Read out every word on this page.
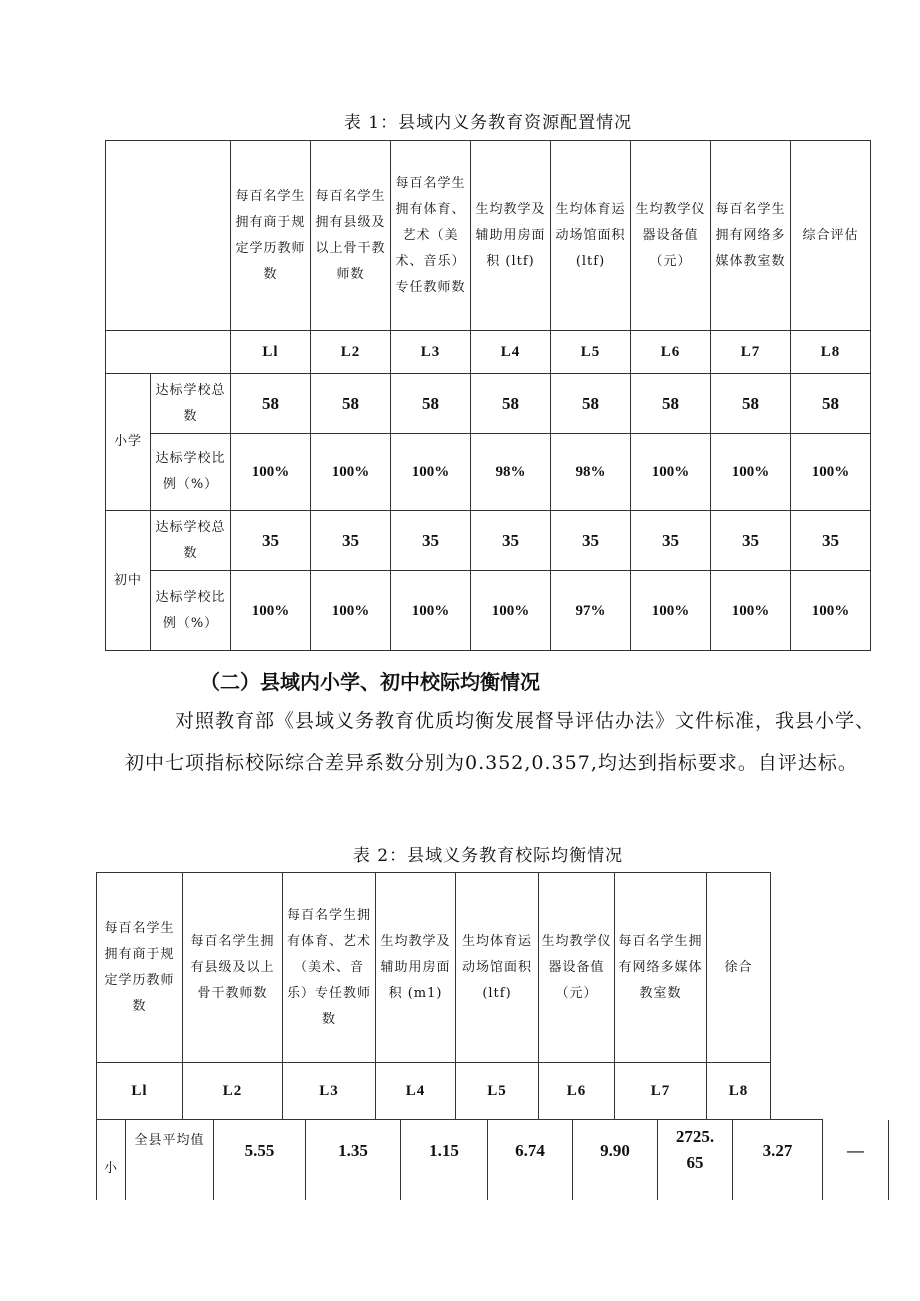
表 1：县域内义务教育资源配置情况
		每百名学生拥有商于规定学历教师数	每百名学生拥有县级及以上骨干教师数	每百名学生拥有体育、艺术（美术、音乐）专任教师数	生均教学及辅助用房面积 (ltf)	生均体育运动场馆面积 (ltf)	生均教学仪器设备值（元）	每百名学生拥有网络多媒体教室数	综合评估
		Ll	L2	L3	L4	L5	L6	L7	L8
小学	达标学校总数	58	58	58	58	58	58	58	58
	达标学校比例（%）	100%	100%	100%	98%	98%	100%	100%	100%
初中	达标学校总数	35	35	35	35	35	35	35	35
	达标学校比例（%）	100%	100%	100%	100%	97%	100%	100%	100%
（二）县域内小学、初中校际均衡情况
对照教育部《县域义务教育优质均衡发展督导评估办法》文件标准，我县小学、初中七项指标校际综合差异系数分别为0.352,0.357,均达到指标要求。自评达标。
表 2：县域义务教育校际均衡情况
每百名学生拥有商于规定学历教师数	每百名学生拥有县级及以上骨干教师数	每百名学生拥有体育、艺术（美术、音乐）专任教师数	生均教学及辅助用房面积 (m1)	生均体育运动场馆面积 (ltf)	生均教学仪器设备值（元）	每百名学生拥有网络多媒体教室数	徐合
Ll	L2	L3	L4	L5	L6	L7	L8
小	全县平均值	5.55	1.35	1.15	6.74	9.90	2725.65	3.27	—
